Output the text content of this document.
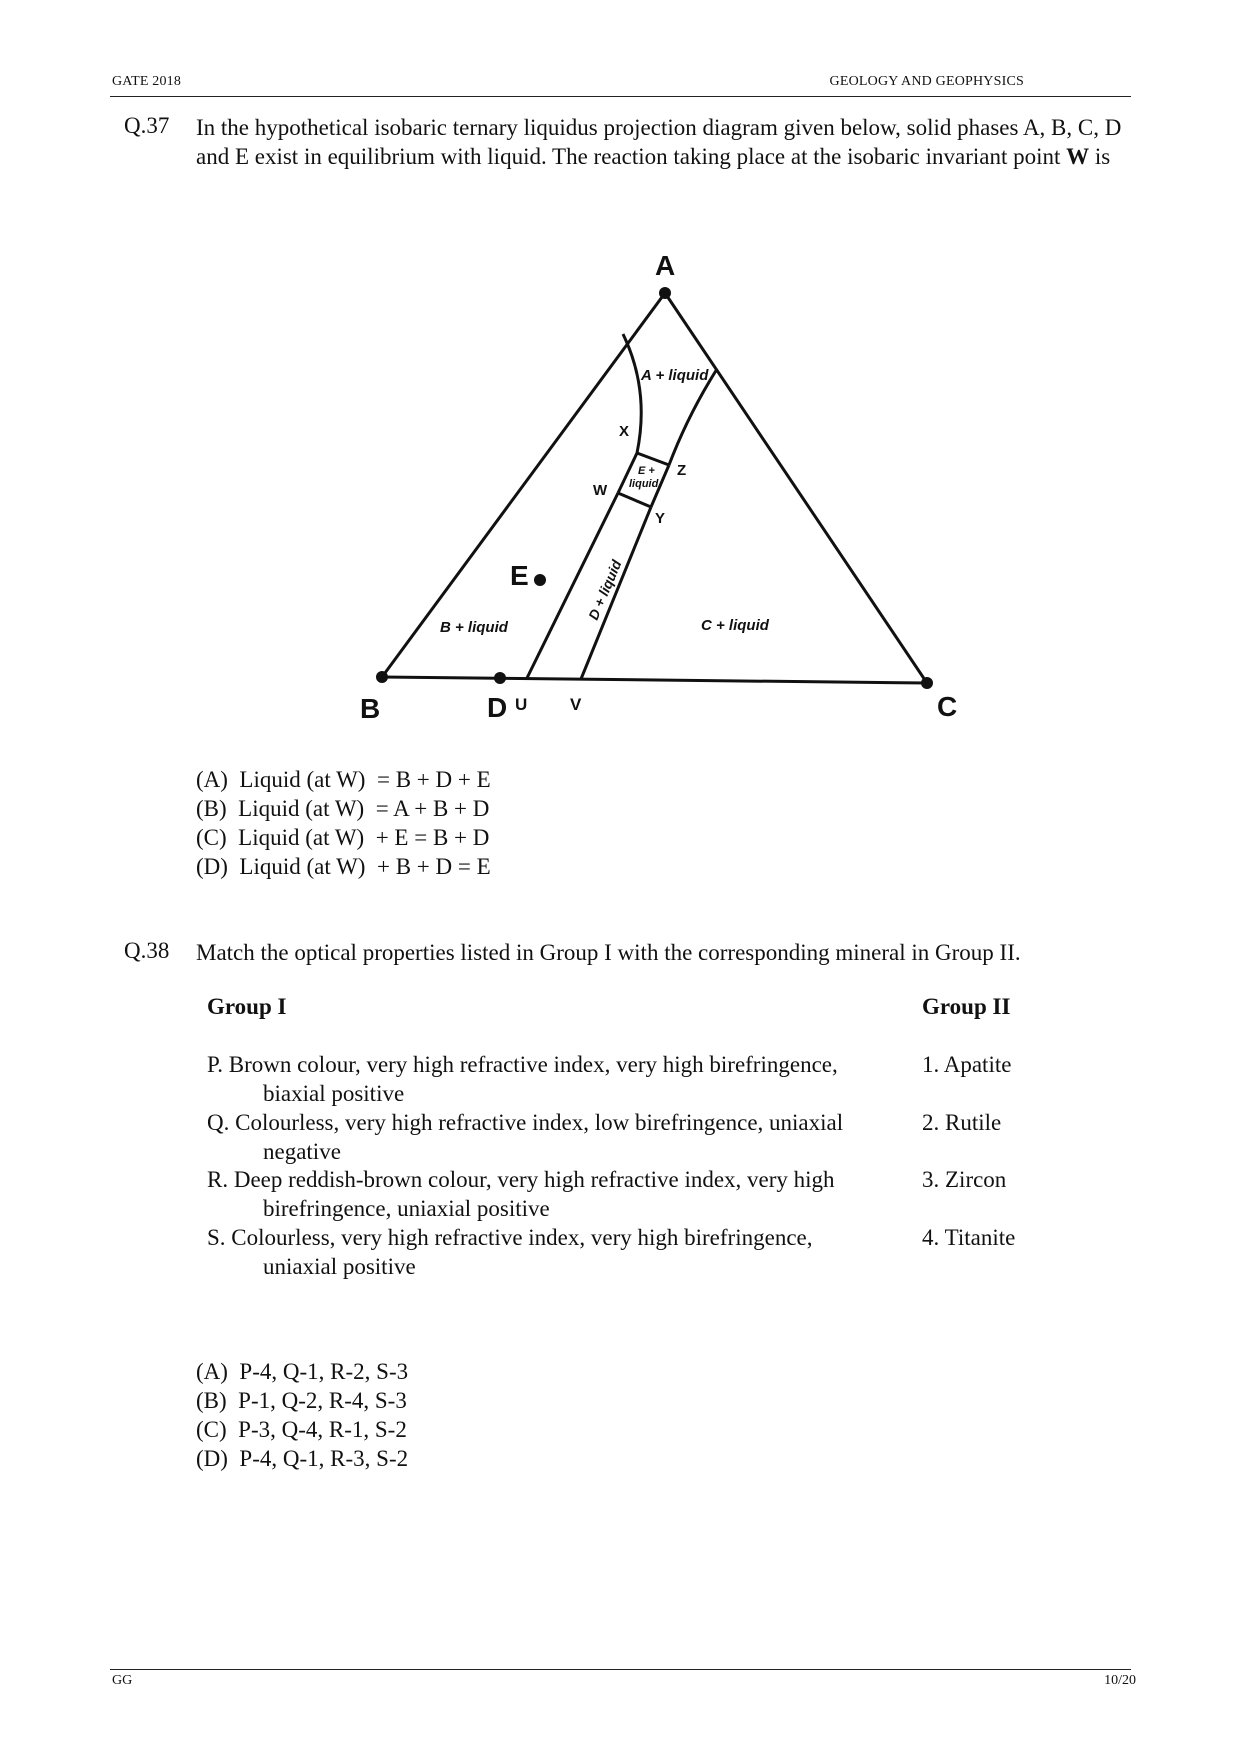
GATE 2018	GEOLOGY AND GEOPHYSICS
Q.37 In the hypothetical isobaric ternary liquidus projection diagram given below, solid phases A, B, C, D and E exist in equilibrium with liquid. The reaction taking place at the isobaric invariant point W is
A
B	C
D
E
U	V
W
X
Y
Z
A + liquid
B + liquid	C + liquid
D + liquid
E +
liquid
(A)  Liquid (at W)  = B + D + E
(B)  Liquid (at W)  = A + B + D
(C)  Liquid (at W)  + E = B + D
(D)  Liquid (at W)  + B + D = E
Q.38 Match the optical properties listed in Group I with the corresponding mineral in Group II.
Group I	Group II
P. Brown colour, very high refractive index, very high birefringence,
biaxial positive
1. Apatite
Q. Colourless, very high refractive index, low birefringence, uniaxial
negative
2. Rutile
R. Deep reddish-brown colour, very high refractive index, very high
birefringence, uniaxial positive
3. Zircon
S. Colourless, very high refractive index, very high birefringence,
uniaxial positive
4. Titanite
(A)  P-4, Q-1, R-2, S-3
(B)  P-1, Q-2, R-4, S-3
(C)  P-3, Q-4, R-1, S-2
(D)  P-4, Q-1, R-3, S-2
GG	10/20
